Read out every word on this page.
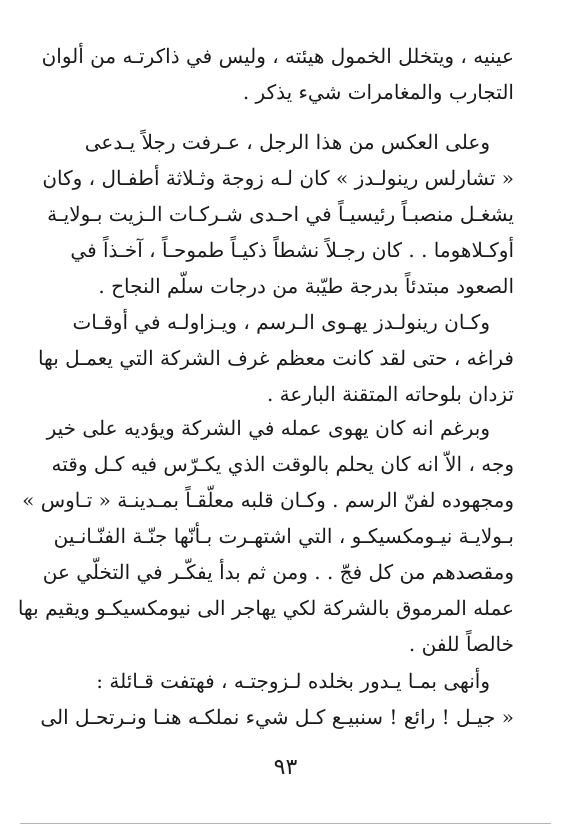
عينيه ، ويتخلل الخمول هيئته ، وليس في ذاكرتـه من ألوان
التجارب والمغامرات شيء يذكر .
وعلى العكس من هذا الرجل ، عـرفت رجلاً يـدعى
« تشارلس رينولـدز » كان لـه زوجة وثـلاثة أطفـال ، وكان
يشغـل منصبـاً رئيسيـاً في احـدى شـركـات الـزيت بـولايـة
أوكـلاهوما . . كان رجـلاً نشطاً ذكيـاً طموحـاً ، آخـذاً في
الصعود مبتدئاً بدرجة طيّبة من درجات سلّم النجاح .
وكـان رينولـدز يهـوى الـرسم ، ويـزاولـه في أوقـات
فراغه ، حتى لقد كانت معظم غرف الشركة التي يعمـل بها
تزدان بلوحاته المتقنة البارعة .
وبرغم انه كان يهوى عمله في الشركة ويؤديه على خير
وجه ، الاّ انه كان يحلم بالوقت الذي يكـرّس فيه كـل وقته
ومجهوده لفنّ الرسم . وكـان قلبه معلّقـاً بمـدينـة « تـاوس »
بـولايـة نيـومكسيكـو ، التي اشتهـرت بـأنّها جنّـة الفنّـانـين
ومقصدهم من كل فجّ . . ومن ثم بدأ يفكّـر في التخلّي عن
عمله المرموق بالشركة لكي يهاجر الى نيومكسيكـو ويقيم بها
خالصاً للفن .
وأنهى بمـا يـدور بخلده لـزوجتـه ، فهتفت قـائلة :
« جيـل ! رائع ! سنبيـع كـل شيء نملكـه هنـا ونـرتحـل الى
٩٣
